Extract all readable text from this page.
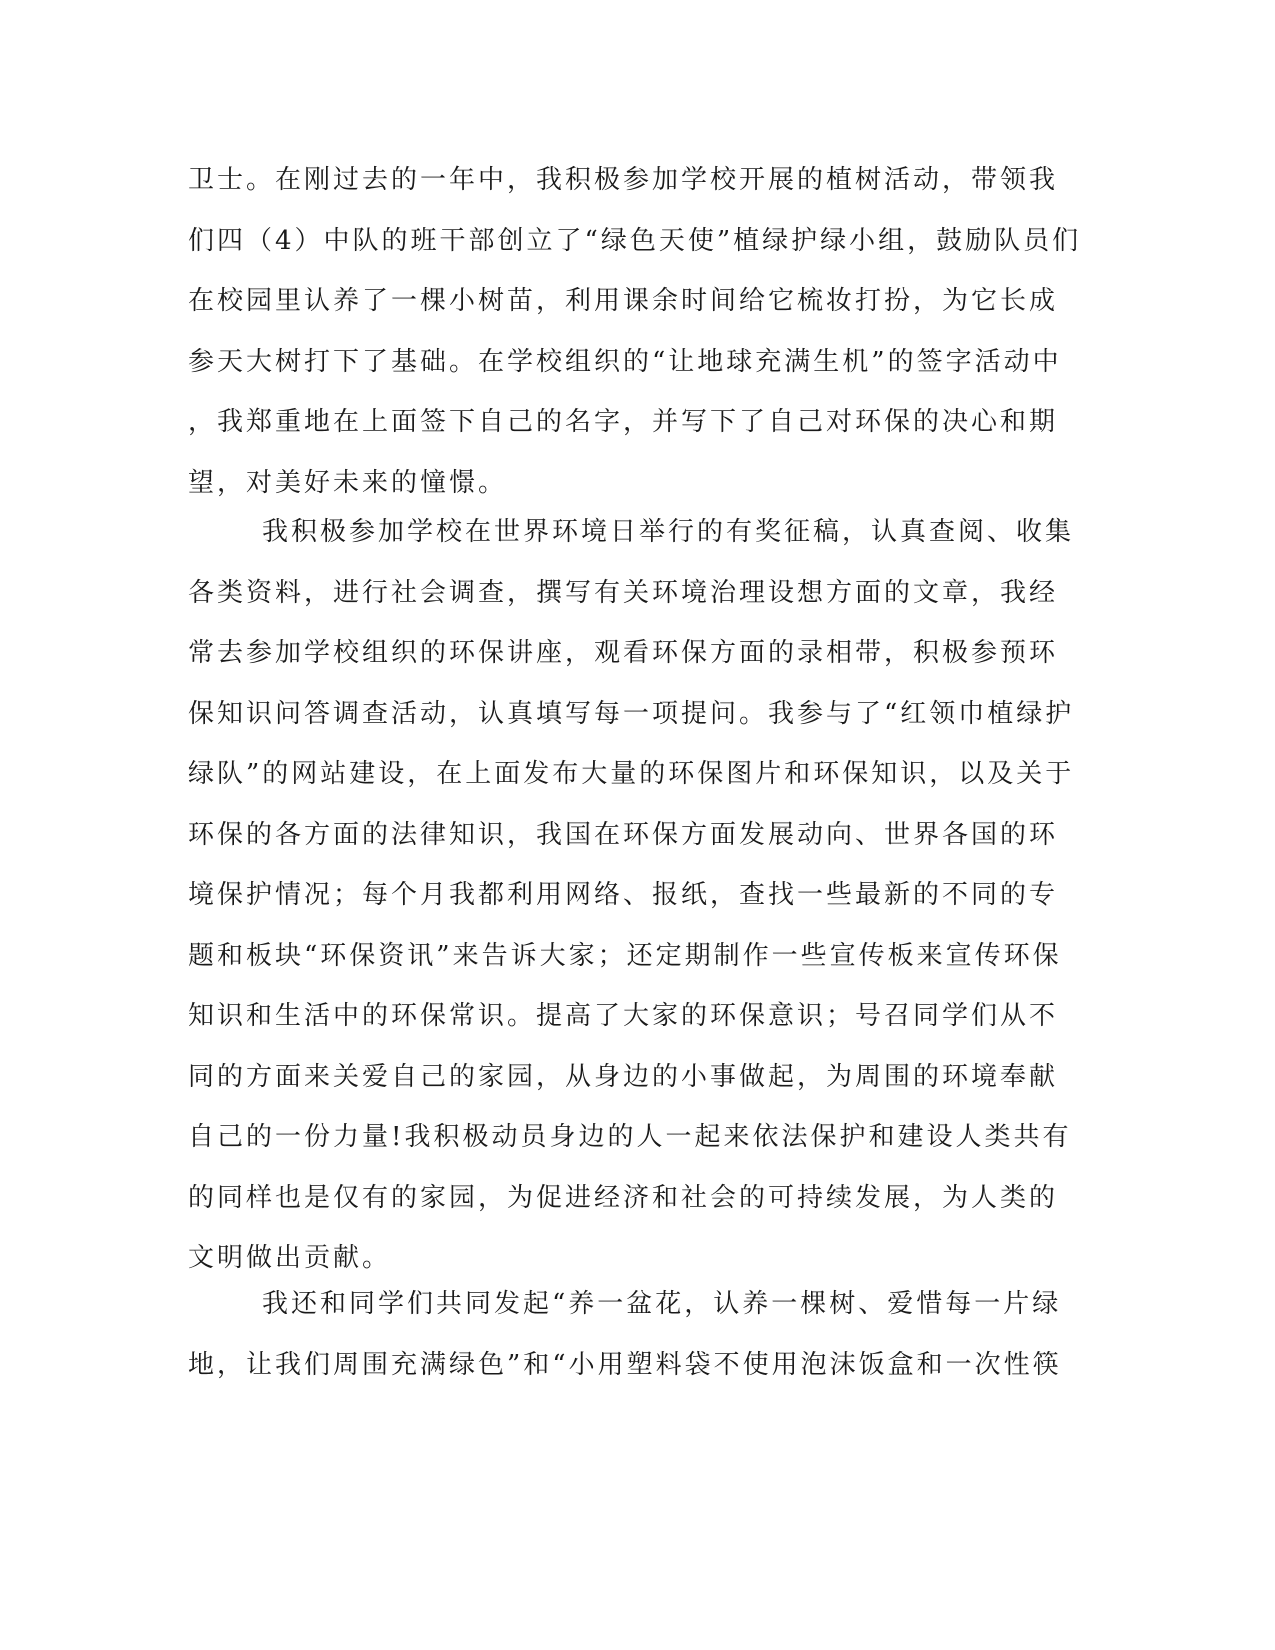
卫士。在刚过去的一年中，我积极参加学校开展的植树活动，带领我
们四（4）中队的班干部创立了“绿色天使”植绿护绿小组，鼓励队员们
在校园里认养了一棵小树苗，利用课余时间给它梳妆打扮，为它长成
参天大树打下了基础。在学校组织的“让地球充满生机”的签字活动中
，我郑重地在上面签下自己的名字，并写下了自己对环保的决心和期
望，对美好未来的憧憬。
我积极参加学校在世界环境日举行的有奖征稿，认真查阅、收集
各类资料，进行社会调查，撰写有关环境治理设想方面的文章，我经
常去参加学校组织的环保讲座，观看环保方面的录相带，积极参预环
保知识问答调查活动，认真填写每一项提问。我参与了“红领巾植绿护
绿队”的网站建设，在上面发布大量的环保图片和环保知识，以及关于
环保的各方面的法律知识，我国在环保方面发展动向、世界各国的环
境保护情况；每个月我都利用网络、报纸，查找一些最新的不同的专
题和板块“环保资讯”来告诉大家；还定期制作一些宣传板来宣传环保
知识和生活中的环保常识。提高了大家的环保意识；号召同学们从不
同的方面来关爱自己的家园，从身边的小事做起，为周围的环境奉献
自己的一份力量!我积极动员身边的人一起来依法保护和建设人类共有
的同样也是仅有的家园，为促进经济和社会的可持续发展，为人类的
文明做出贡献。
我还和同学们共同发起“养一盆花，认养一棵树、爱惜每一片绿
地，让我们周围充满绿色”和“小用塑料袋不使用泡沫饭盒和一次性筷
